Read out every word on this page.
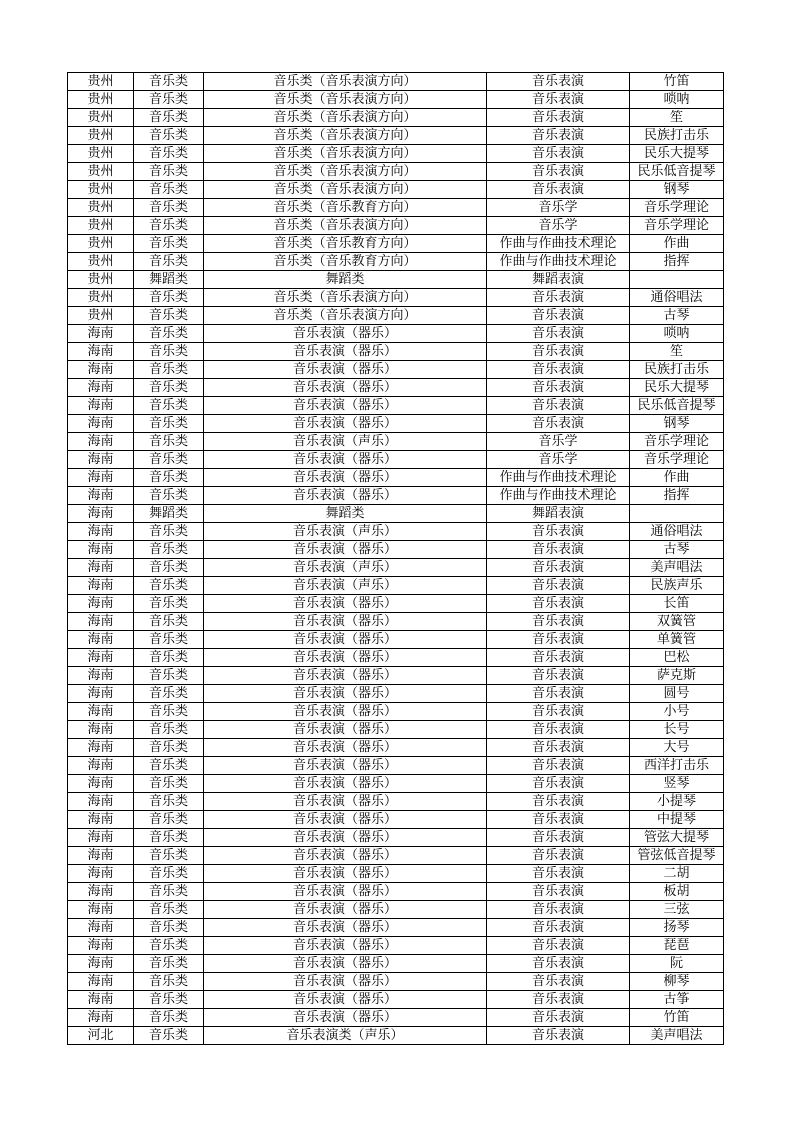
贵州	音乐类	音乐类（音乐表演方向）	音乐表演	竹笛
贵州	音乐类	音乐类（音乐表演方向）	音乐表演	唢呐
贵州	音乐类	音乐类（音乐表演方向）	音乐表演	笙
贵州	音乐类	音乐类（音乐表演方向）	音乐表演	民族打击乐
贵州	音乐类	音乐类（音乐表演方向）	音乐表演	民乐大提琴
贵州	音乐类	音乐类（音乐表演方向）	音乐表演	民乐低音提琴
贵州	音乐类	音乐类（音乐表演方向）	音乐表演	钢琴
贵州	音乐类	音乐类（音乐教育方向）	音乐学	音乐学理论
贵州	音乐类	音乐类（音乐表演方向）	音乐学	音乐学理论
贵州	音乐类	音乐类（音乐教育方向）	作曲与作曲技术理论	作曲
贵州	音乐类	音乐类（音乐教育方向）	作曲与作曲技术理论	指挥
贵州	舞蹈类	舞蹈类	舞蹈表演	
贵州	音乐类	音乐类（音乐表演方向）	音乐表演	通俗唱法
贵州	音乐类	音乐类（音乐表演方向）	音乐表演	古琴
海南	音乐类	音乐表演（器乐）	音乐表演	唢呐
海南	音乐类	音乐表演（器乐）	音乐表演	笙
海南	音乐类	音乐表演（器乐）	音乐表演	民族打击乐
海南	音乐类	音乐表演（器乐）	音乐表演	民乐大提琴
海南	音乐类	音乐表演（器乐）	音乐表演	民乐低音提琴
海南	音乐类	音乐表演（器乐）	音乐表演	钢琴
海南	音乐类	音乐表演（声乐）	音乐学	音乐学理论
海南	音乐类	音乐表演（器乐）	音乐学	音乐学理论
海南	音乐类	音乐表演（器乐）	作曲与作曲技术理论	作曲
海南	音乐类	音乐表演（器乐）	作曲与作曲技术理论	指挥
海南	舞蹈类	舞蹈类	舞蹈表演	
海南	音乐类	音乐表演（声乐）	音乐表演	通俗唱法
海南	音乐类	音乐表演（器乐）	音乐表演	古琴
海南	音乐类	音乐表演（声乐）	音乐表演	美声唱法
海南	音乐类	音乐表演（声乐）	音乐表演	民族声乐
海南	音乐类	音乐表演（器乐）	音乐表演	长笛
海南	音乐类	音乐表演（器乐）	音乐表演	双簧管
海南	音乐类	音乐表演（器乐）	音乐表演	单簧管
海南	音乐类	音乐表演（器乐）	音乐表演	巴松
海南	音乐类	音乐表演（器乐）	音乐表演	萨克斯
海南	音乐类	音乐表演（器乐）	音乐表演	圆号
海南	音乐类	音乐表演（器乐）	音乐表演	小号
海南	音乐类	音乐表演（器乐）	音乐表演	长号
海南	音乐类	音乐表演（器乐）	音乐表演	大号
海南	音乐类	音乐表演（器乐）	音乐表演	西洋打击乐
海南	音乐类	音乐表演（器乐）	音乐表演	竖琴
海南	音乐类	音乐表演（器乐）	音乐表演	小提琴
海南	音乐类	音乐表演（器乐）	音乐表演	中提琴
海南	音乐类	音乐表演（器乐）	音乐表演	管弦大提琴
海南	音乐类	音乐表演（器乐）	音乐表演	管弦低音提琴
海南	音乐类	音乐表演（器乐）	音乐表演	二胡
海南	音乐类	音乐表演（器乐）	音乐表演	板胡
海南	音乐类	音乐表演（器乐）	音乐表演	三弦
海南	音乐类	音乐表演（器乐）	音乐表演	扬琴
海南	音乐类	音乐表演（器乐）	音乐表演	琵琶
海南	音乐类	音乐表演（器乐）	音乐表演	阮
海南	音乐类	音乐表演（器乐）	音乐表演	柳琴
海南	音乐类	音乐表演（器乐）	音乐表演	古筝
海南	音乐类	音乐表演（器乐）	音乐表演	竹笛
河北	音乐类	音乐表演类（声乐）	音乐表演	美声唱法
